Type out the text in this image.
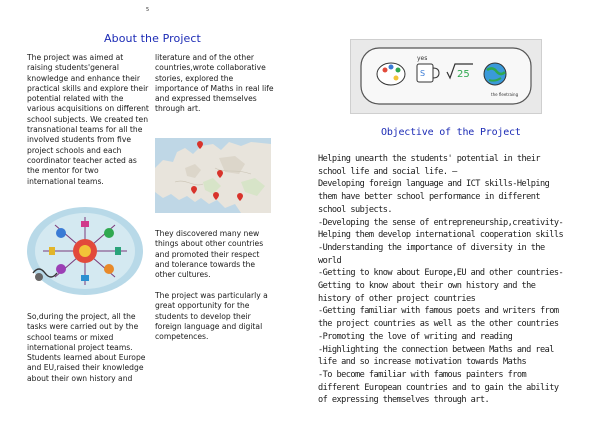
5
About the Project

The project was aimed at raising students'general knowledge and enhance their practical skills and explore their potential related with the various acquisitions on different school subjects. We created ten transnational teams for all the involved students from five project schools and each coordinator teacher acted as the mentor for two international teams.

literature and of the other countries,wrote collaborative stories, explored the importance of Maths in real life and expressed themselves through art.

They discovered many new things about other countries and promoted their respect and tolerance towards the other cultures.

The project was particularly a great opportunity for the students to develop their foreign language and digital competences.

So,during the project, all the tasks were carried out by the school teams or mixed international project teams. Students learned about Europe and EU,raised their knowledge about their own history and

S
yes
25
the fleetraing
Objective of the Project

Helping unearth the students' potential in their school life and social life. –

Developing foreign language and ICT skills-Helping them have better school performance in different school subjects.

-Developing the sense of entrepreneurship,creativity-Helping them develop international cooperation skills

-Understanding the importance of diversity in the world

-Getting to know about Europe,EU and other countries-Getting to know about their own history and the history of other project countries

-Getting familiar with famous poets and writers from the project countries as well as the other countries

-Promoting the love of writing and reading

-Highlighting the connection between Maths and real life and so increase motivation towards Maths

-To become familiar with famous painters from different European countries and to gain the ability of expressing themselves through art.
